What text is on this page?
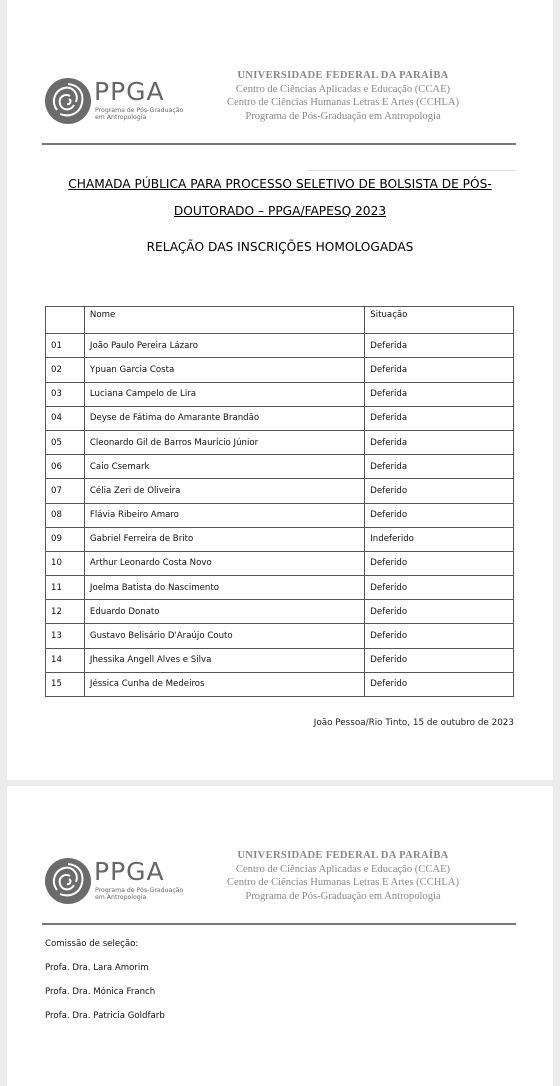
PPGA
Programa de Pós-Graduação
em Antropologia
UNIVERSIDADE FEDERAL DA PARAÍBA
Centro de Ciências Aplicadas e Educação (CCAE)
Centro de Ciências Humanas Letras E Artes (CCHLA)
Programa de Pós-Graduação em Antropologia
CHAMADA PÚBLICA PARA PROCESSO SELETIVO DE BOLSISTA DE PÓS-
DOUTORADO – PPGA/FAPESQ 2023
RELAÇÃO DAS INSCRIÇÕES HOMOLOGADAS
	Nome	Situação
01	João Paulo Pereira Lázaro	Deferida
02	Ypuan Garcia Costa	Deferida
03	Luciana Campelo de Lira	Deferida
04	Deyse de Fátima do Amarante Brandão	Deferida
05	Cleonardo Gil de Barros Maurício Júnior	Deferida
06	Caio Csemark	Deferida
07	Célia Zeri de Oliveira	Deferido
08	Flávia Ribeiro Amaro	Deferido
09	Gabriel Ferreira de Brito	Indeferido
10	Arthur Leonardo Costa Novo	Deferido
11	Joelma Batista do Nascimento	Deferido
12	Eduardo Donato	Deferido
13	Gustavo Belisário D'Araújo Couto	Deferido
14	Jhessika Angell Alves e Silva	Deferido
15	Jéssica Cunha de Medeiros	Deferido
João Pessoa/Rio Tinto, 15 de outubro de 2023
PPGA
Programa de Pós-Graduação
em Antropologia
UNIVERSIDADE FEDERAL DA PARAÍBA
Centro de Ciências Aplicadas e Educação (CCAE)
Centro de Ciências Humanas Letras E Artes (CCHLA)
Programa de Pós-Graduação em Antropologia
Comissão de seleção:
Profa. Dra. Lara Amorim
Profa. Dra. Mónica Franch
Profa. Dra. Patricia Goldfarb
